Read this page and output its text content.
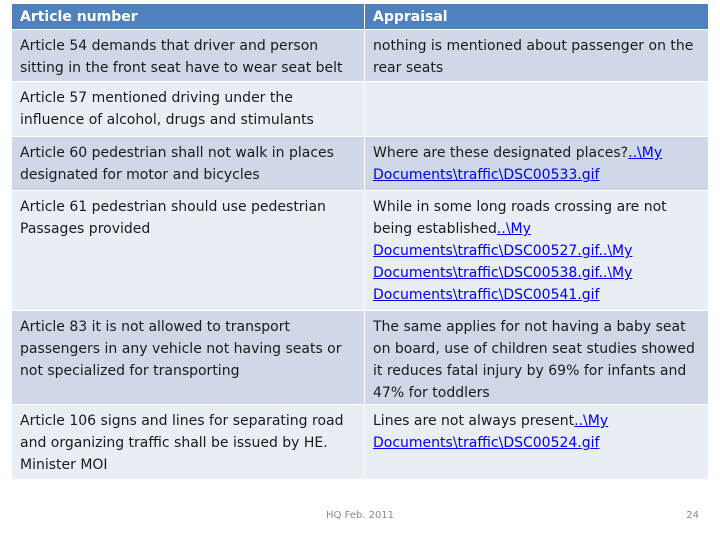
Article number	Appraisal
Article 54 demands that driver and person sitting in the front seat have to wear seat belt	nothing is mentioned about passenger on the rear seats
Article 57 mentioned driving under the influence of alcohol, drugs and stimulants	
Article 60 pedestrian shall not walk in places designated for motor and bicycles	Where are these designated places?..\My Documents\traffic\DSC00533.gif
Article 61 pedestrian should use pedestrian Passages provided	While in some long roads crossing are not being established..\My Documents\traffic\DSC00527.gif..\My Documents\traffic\DSC00538.gif..\My Documents\traffic\DSC00541.gif
Article 83 it is not allowed to transport passengers in any vehicle not having seats or not specialized for transporting	The same applies for not having a baby seat on board, use of children seat studies showed it reduces fatal injury by 69% for infants and 47% for toddlers
Article 106 signs and lines for separating road and organizing traffic shall be issued by HE. Minister MOI	Lines are not always present..\My Documents\traffic\DSC00524.gif
HQ Feb. 2011	24
